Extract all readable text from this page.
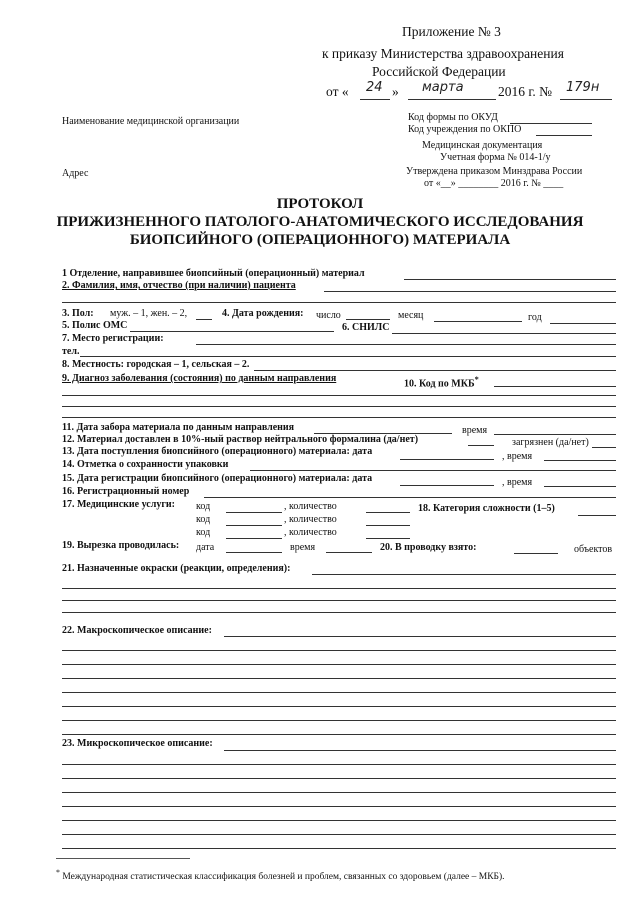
Приложение № 3
к приказу Министерства здравоохранения
Российской Федерации
от « 24 » марта	2016 г. № 179н
Наименование медицинской организации
Адрес
Код формы по ОКУД
Код учреждения по ОКПО
Медицинская документация
Учетная форма № 014-1/у
Утверждена приказом Минздрава России
от «__» ________ 2016 г. № ____
ПРОТОКОЛ
ПРИЖИЗНЕННОГО ПАТОЛОГО-АНАТОМИЧЕСКОГО ИССЛЕДОВАНИЯ
БИОПСИЙНОГО (ОПЕРАЦИОННОГО) МАТЕРИАЛА
1 Отделение, направившее биопсийный (операционный) материал
2. Фамилия, имя, отчество (при наличии) пациента
3. Пол: муж. – 1, жен. – 2,	4. Дата рождения: число	месяц	год
5. Полис ОМС	6. СНИЛС
7. Место регистрации:
тел.
8. Местность: городская – 1, сельская – 2.
9. Диагноз заболевания (состояния) по данным направления	10. Код по МКБ*
11. Дата забора материала по данным направления	время
12. Материал доставлен в 10%-ный раствор нейтрального формалина (да/нет)	загрязнен (да/нет)
13. Дата поступления биопсийного (операционного) материала: дата	, время
14. Отметка о сохранности упаковки
15. Дата регистрации биопсийного (операционного) материала: дата	, время
16. Регистрационный номер
17. Медицинские услуги: код	, количество
код	, количество
код	, количество
18. Категория сложности (1–5)
19. Вырезка проводилась: дата	время	20. В проводку взято:	объектов
21. Назначенные окраски (реакции, определения):
22. Макроскопическое описание:
23. Микроскопическое описание:
* Международная статистическая классификация болезней и проблем, связанных со здоровьем (далее – МКБ).
